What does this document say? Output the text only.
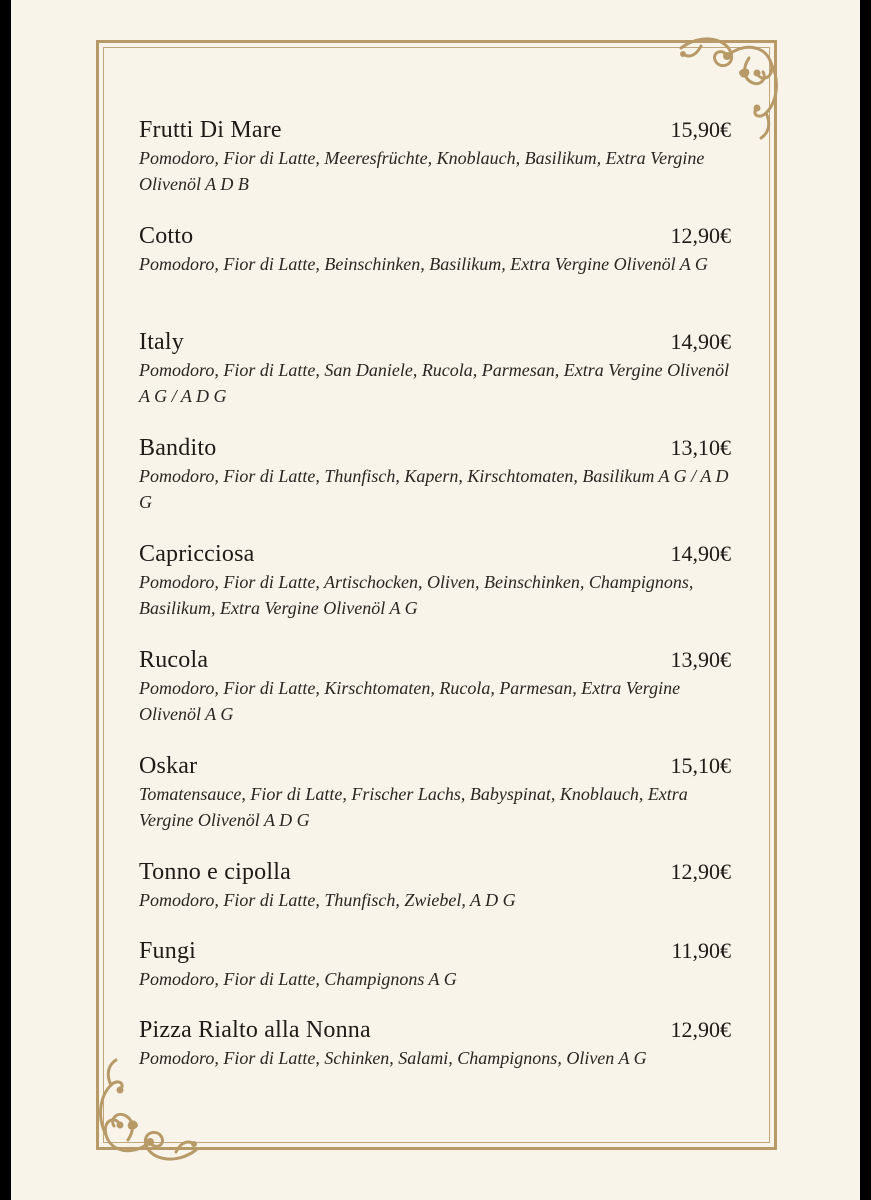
Frutti Di Mare	15,90€
Pomodoro, Fior di Latte, Meeresfrüchte, Knoblauch, Basilikum, Extra Vergine Olivenöl A D B
Cotto	12,90€
Pomodoro, Fior di Latte, Beinschinken, Basilikum, Extra Vergine Olivenöl A G
Italy	14,90€
Pomodoro, Fior di Latte, San Daniele, Rucola, Parmesan, Extra Vergine Olivenöl A G / A D G
Bandito	13,10€
Pomodoro, Fior di Latte, Thunfisch, Kapern, Kirschtomaten, Basilikum A G / A D G
Capricciosa	14,90€
Pomodoro, Fior di Latte, Artischocken, Oliven, Beinschinken, Champignons, Basilikum, Extra Vergine Olivenöl A G
Rucola	13,90€
Pomodoro, Fior di Latte, Kirschtomaten, Rucola, Parmesan, Extra Vergine Olivenöl A G
Oskar	15,10€
Tomatensauce, Fior di Latte, Frischer Lachs, Babyspinat, Knoblauch, Extra Vergine Olivenöl A D G
Tonno e cipolla	12,90€
Pomodoro, Fior di Latte, Thunfisch, Zwiebel, A D G
Fungi	11,90€
Pomodoro, Fior di Latte, Champignons A G
Pizza Rialto alla Nonna	12,90€
Pomodoro, Fior di Latte, Schinken, Salami, Champignons, Oliven A G
